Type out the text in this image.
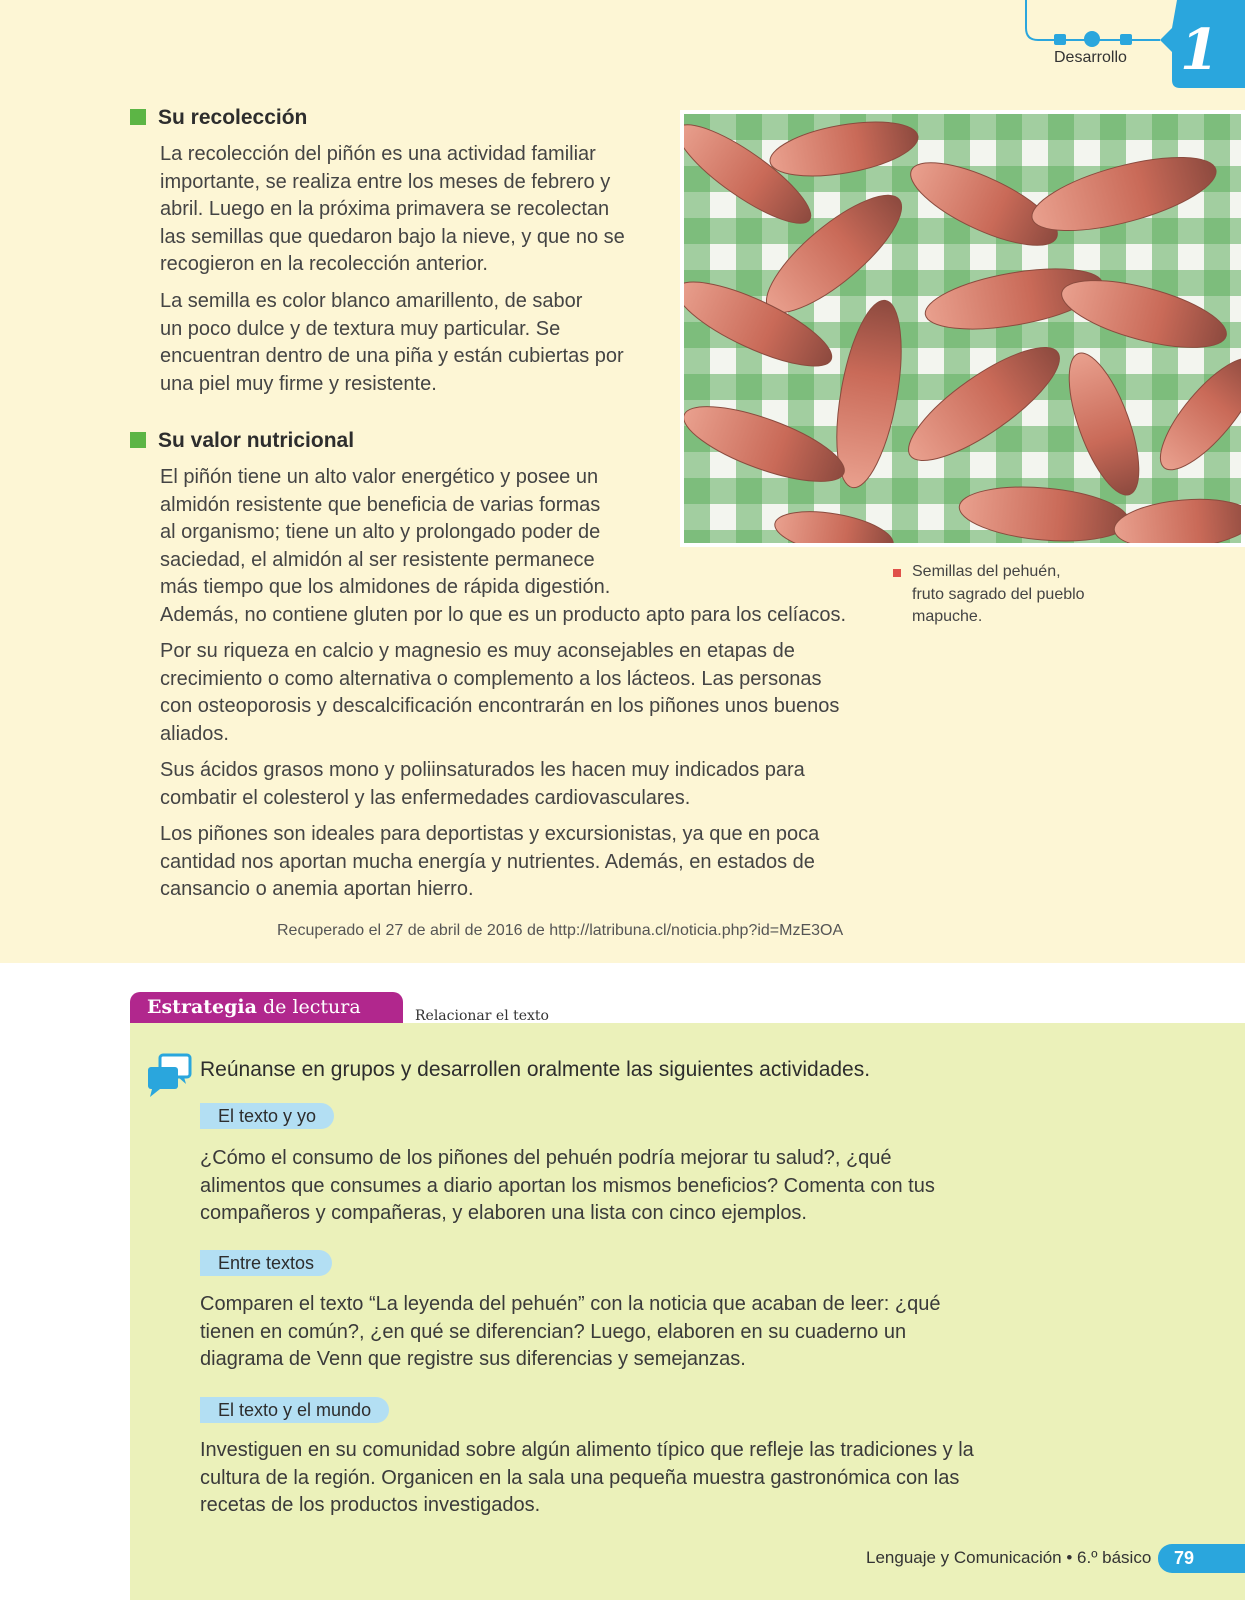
Desarrollo 1
Su recolección
La recolección del piñón es una actividad familiar
importante, se realiza entre los meses de febrero y
abril. Luego en la próxima primavera se recolectan
las semillas que quedaron bajo la nieve, y que no se
recogieron en la recolección anterior.
La semilla es color blanco amarillento, de sabor
un poco dulce y de textura muy particular. Se
encuentran dentro de una piña y están cubiertas por
una piel muy firme y resistente.
Su valor nutricional
El piñón tiene un alto valor energético y posee un
almidón resistente que beneficia de varias formas
al organismo; tiene un alto y prolongado poder de
saciedad, el almidón al ser resistente permanece
más tiempo que los almidones de rápida digestión.
Además, no contiene gluten por lo que es un producto apto para los celíacos.
Por su riqueza en calcio y magnesio es muy aconsejables en etapas de
crecimiento o como alternativa o complemento a los lácteos. Las personas
con osteoporosis y descalcificación encontrarán en los piñones unos buenos
aliados.
Sus ácidos grasos mono y poliinsaturados les hacen muy indicados para
combatir el colesterol y las enfermedades cardiovasculares.
Los piñones son ideales para deportistas y excursionistas, ya que en poca
cantidad nos aportan mucha energía y nutrientes. Además, en estados de
cansancio o anemia aportan hierro.
Recuperado el 27 de abril de 2016 de http://latribuna.cl/noticia.php?id=MzE3OA
Semillas del pehuén,
fruto sagrado del pueblo
mapuche.
Estrategia de lectura	Relacionar el texto
Reúnanse en grupos y desarrollen oralmente las siguientes actividades.
El texto y yo
¿Cómo el consumo de los piñones del pehuén podría mejorar tu salud?, ¿qué
alimentos que consumes a diario aportan los mismos beneficios? Comenta con tus
compañeros y compañeras, y elaboren una lista con cinco ejemplos.
Entre textos
Comparen el texto “La leyenda del pehuén” con la noticia que acaban de leer: ¿qué
tienen en común?, ¿en qué se diferencian? Luego, elaboren en su cuaderno un
diagrama de Venn que registre sus diferencias y semejanzas.
El texto y el mundo
Investiguen en su comunidad sobre algún alimento típico que refleje las tradiciones y la
cultura de la región. Organicen en la sala una pequeña muestra gastronómica con las
recetas de los productos investigados.
Lenguaje y Comunicación • 6.º básico	79
